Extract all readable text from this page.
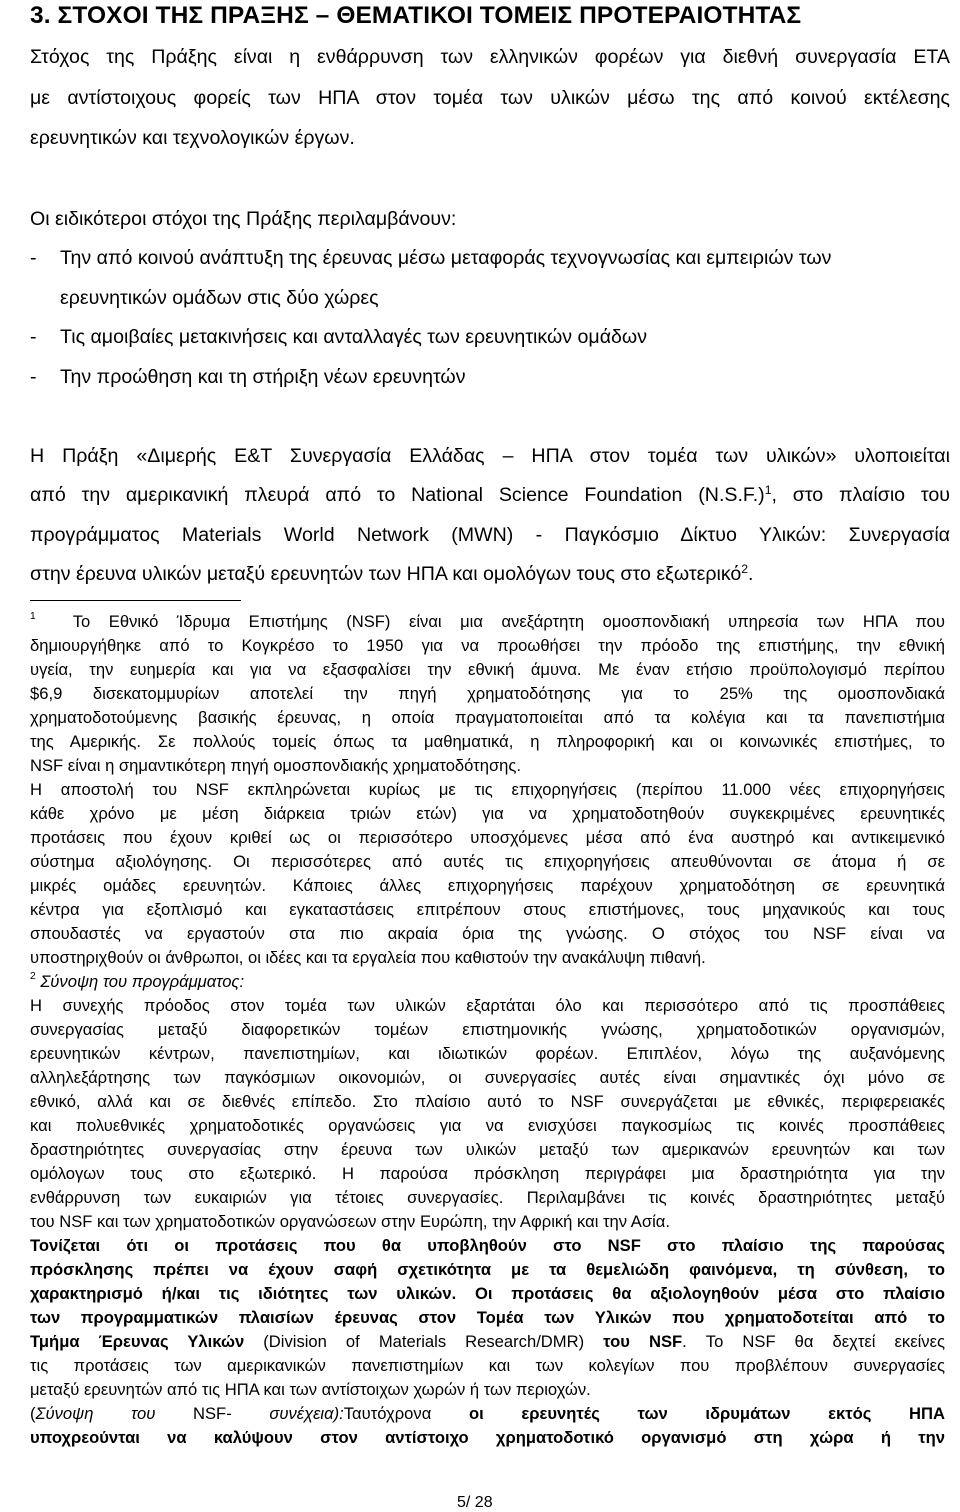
3. ΣΤΟΧΟΙ ΤΗΣ ΠΡΑΞΗΣ – ΘΕΜΑΤΙΚΟΙ ΤΟΜΕΙΣ ΠΡΟΤΕΡΑΙΟΤΗΤΑΣ
Στόχος της Πράξης είναι η ενθάρρυνση των ελληνικών φορέων για διεθνή συνεργασία ΕΤΑ
με αντίστοιχους φορείς των ΗΠΑ στον τομέα των υλικών μέσω της από κοινού εκτέλεσης
ερευνητικών και τεχνολογικών έργων.
Οι ειδικότεροι στόχοι της Πράξης περιλαμβάνουν:
- Την από κοινού ανάπτυξη της έρευνας μέσω μεταφοράς τεχνογνωσίας και εμπειριών των
ερευνητικών ομάδων στις δύο χώρες
- Τις αμοιβαίες μετακινήσεις και ανταλλαγές των ερευνητικών ομάδων
- Την προώθηση και τη στήριξη νέων ερευνητών
Η Πράξη «Διμερής Ε&Τ Συνεργασία Ελλάδας – ΗΠΑ στον τομέα των υλικών» υλοποιείται
από την αμερικανική πλευρά από το National Science Foundation $(N.S.F.)^1$, στο πλαίσιο του
προγράμματος Materials World Network (MWN) - Παγκόσμιο Δίκτυο Υλικών: Συνεργασία
στην έρευνα υλικών μεταξύ ερευνητών των ΗΠΑ και ομολόγων τους στο εξωτερικό$^2$.
$^1$ Το Εθνικό Ίδρυμα Επιστήμης (NSF) είναι μια ανεξάρτητη ομοσπονδιακή υπηρεσία των ΗΠΑ που
δημιουργήθηκε από το Κογκρέσο το 1950 για να προωθήσει την πρόοδο της επιστήμης, την εθνική
υγεία, την ευημερία και για να εξασφαλίσει την εθνική άμυνα. Με έναν ετήσιο προϋπολογισμό περίπου
$6,9 δισεκατομμυρίων αποτελεί την πηγή χρηματοδότησης για το 25% της ομοσπονδιακά
χρηματοδοτούμενης βασικής έρευνας, η οποία πραγματοποιείται από τα κολέγια και τα πανεπιστήμια
της Αμερικής. Σε πολλούς τομείς όπως τα μαθηματικά, η πληροφορική και οι κοινωνικές επιστήμες, το
NSF είναι η σημαντικότερη πηγή ομοσπονδιακής χρηματοδότησης.
Η αποστολή του NSF εκπληρώνεται κυρίως με τις επιχορηγήσεις (περίπου 11.000 νέες επιχορηγήσεις
κάθε χρόνο με μέση διάρκεια τριών ετών) για να χρηματοδοτηθούν συγκεκριμένες ερευνητικές
προτάσεις που έχουν κριθεί ως οι περισσότερο υποσχόμενες μέσα από ένα αυστηρό και αντικειμενικό
σύστημα αξιολόγησης. Οι περισσότερες από αυτές τις επιχορηγήσεις απευθύνονται σε άτομα ή σε
μικρές ομάδες ερευνητών. Κάποιες άλλες επιχορηγήσεις παρέχουν χρηματοδότηση σε ερευνητικά
κέντρα για εξοπλισμό και εγκαταστάσεις επιτρέπουν στους επιστήμονες, τους μηχανικούς και τους
σπουδαστές να εργαστούν στα πιο ακραία όρια της γνώσης. Ο στόχος του NSF είναι να
υποστηριχθούν οι άνθρωποι, οι ιδέες και τα εργαλεία που καθιστούν την ανακάλυψη πιθανή.
$^2$ Σύνοψη του προγράμματος:
Η συνεχής πρόοδος στον τομέα των υλικών εξαρτάται όλο και περισσότερο από τις προσπάθειες
συνεργασίας μεταξύ διαφορετικών τομέων επιστημονικής γνώσης, χρηματοδοτικών οργανισμών,
ερευνητικών κέντρων, πανεπιστημίων, και ιδιωτικών φορέων. Επιπλέον, λόγω της αυξανόμενης
αλληλεξάρτησης των παγκόσμιων οικονομιών, οι συνεργασίες αυτές είναι σημαντικές όχι μόνο σε
εθνικό, αλλά και σε διεθνές επίπεδο. Στο πλαίσιο αυτό το NSF συνεργάζεται με εθνικές, περιφερειακές
και πολυεθνικές χρηματοδοτικές οργανώσεις για να ενισχύσει παγκοσμίως τις κοινές προσπάθειες
δραστηριότητες συνεργασίας στην έρευνα των υλικών μεταξύ των αμερικανών ερευνητών και των
ομόλογων τους στο εξωτερικό. Η παρούσα πρόσκληση περιγράφει μια δραστηριότητα για την
ενθάρρυνση των ευκαιριών για τέτοιες συνεργασίες. Περιλαμβάνει τις κοινές δραστηριότητες μεταξύ
του NSF και των χρηματοδοτικών οργανώσεων στην Ευρώπη, την Αφρική και την Ασία.
Τονίζεται ότι οι προτάσεις που θα υποβληθούν στο NSF στο πλαίσιο της παρούσας
πρόσκλησης πρέπει να έχουν σαφή σχετικότητα με τα θεμελιώδη φαινόμενα, τη σύνθεση, το
χαρακτηρισμό ή/και τις ιδιότητες των υλικών. Οι προτάσεις θα αξιολογηθούν μέσα στο πλαίσιο
των προγραμματικών πλαισίων έρευνας στον Τομέα των Υλικών που χρηματοδοτείται από το
Τμήμα Έρευνας Υλικών (Division of Materials Research/DMR) του NSF. Το NSF θα δεχτεί εκείνες
τις προτάσεις των αμερικανικών πανεπιστημίων και των κολεγίων που προβλέπουν συνεργασίες
μεταξύ ερευνητών από τις ΗΠΑ και των αντίστοιχων χωρών ή των περιοχών.
(Σύνοψη του NSF- συνέχεια):Ταυτόχρονα οι ερευνητές των ιδρυμάτων εκτός ΗΠΑ
υποχρεούνται να καλύψουν στον αντίστοιχο χρηματοδοτικό οργανισμό στη χώρα ή την
5/ 28
